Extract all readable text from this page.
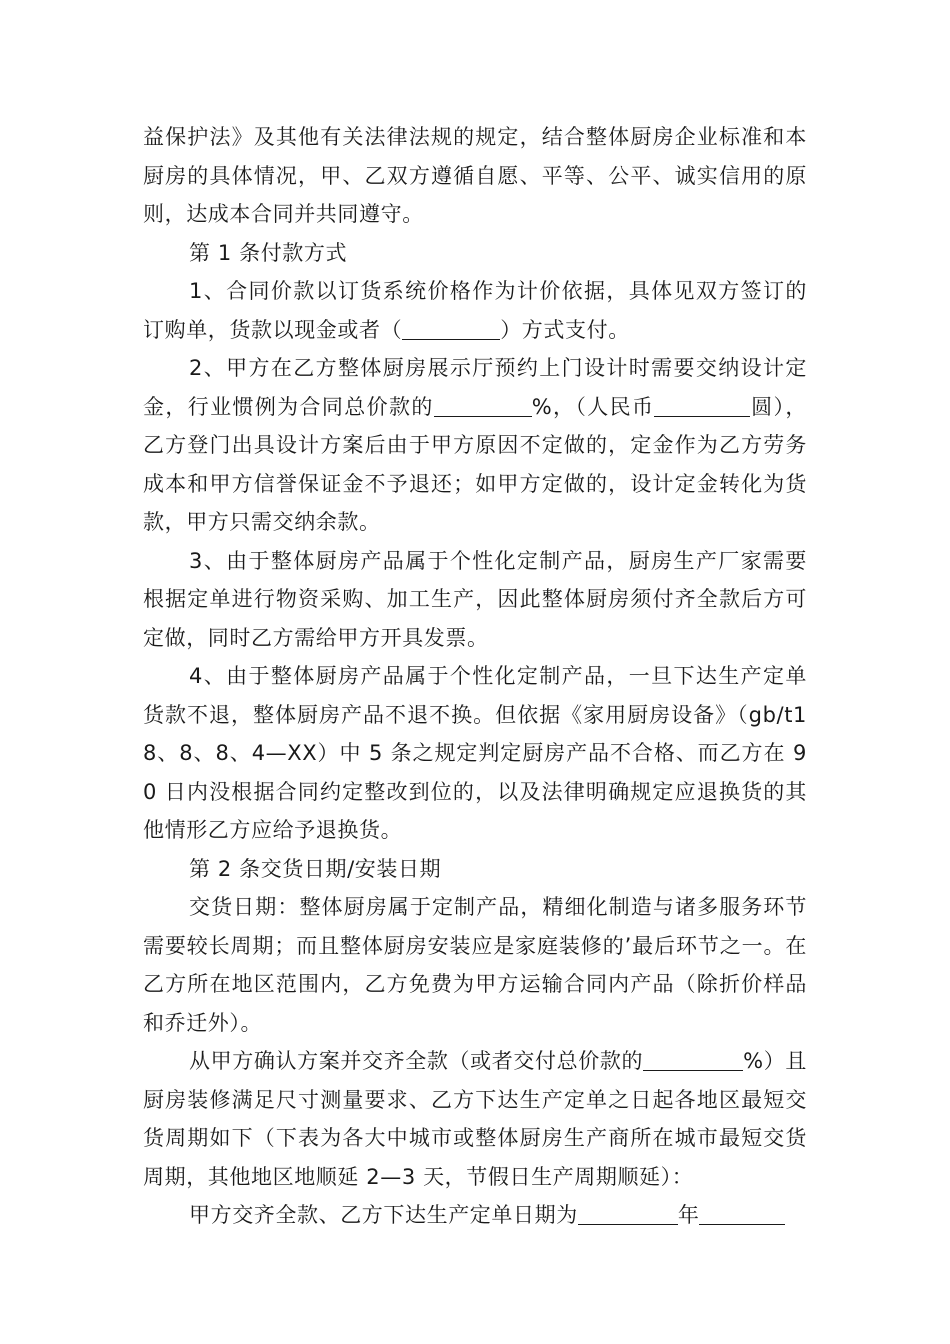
益保护法》及其他有关法律法规的规定，结合整体厨房企业标准和本厨房的具体情况，甲、乙双方遵循自愿、平等、公平、诚实信用的原则，达成本合同并共同遵守。

第 1 条付款方式

1、合同价款以订货系统价格作为计价依据，具体见双方签订的订购单，货款以现金或者（	）方式支付。

2、甲方在乙方整体厨房展示厅预约上门设计时需要交纳设计定金，行业惯例为合同总价款的	%，（人民币	圆），乙方登门出具设计方案后由于甲方原因不定做的，定金作为乙方劳务成本和甲方信誉保证金不予退还；如甲方定做的，设计定金转化为货款，甲方只需交纳余款。

3、由于整体厨房产品属于个性化定制产品，厨房生产厂家需要根据定单进行物资采购、加工生产，因此整体厨房须付齐全款后方可定做，同时乙方需给甲方开具发票。

4、由于整体厨房产品属于个性化定制产品，一旦下达生产定单货款不退，整体厨房产品不退不换。但依据《家用厨房设备》（gb/t18、8、8、4—XX）中 5 条之规定判定厨房产品不合格、而乙方在 90 日内没根据合同约定整改到位的，以及法律明确规定应退换货的其他情形乙方应给予退换货。

第 2 条交货日期/安装日期

交货日期：整体厨房属于定制产品，精细化制造与诸多服务环节需要较长周期；而且整体厨房安装应是家庭装修的’最后环节之一。在乙方所在地区范围内，乙方免费为甲方运输合同内产品（除折价样品和乔迁外）。

从甲方确认方案并交齐全款（或者交付总价款的	%）且厨房装修满足尺寸测量要求、乙方下达生产定单之日起各地区最短交货周期如下（下表为各大中城市或整体厨房生产商所在城市最短交货周期，其他地区地顺延 2—3 天，节假日生产周期顺延）：

甲方交齐全款、乙方下达生产定单日期为	年
